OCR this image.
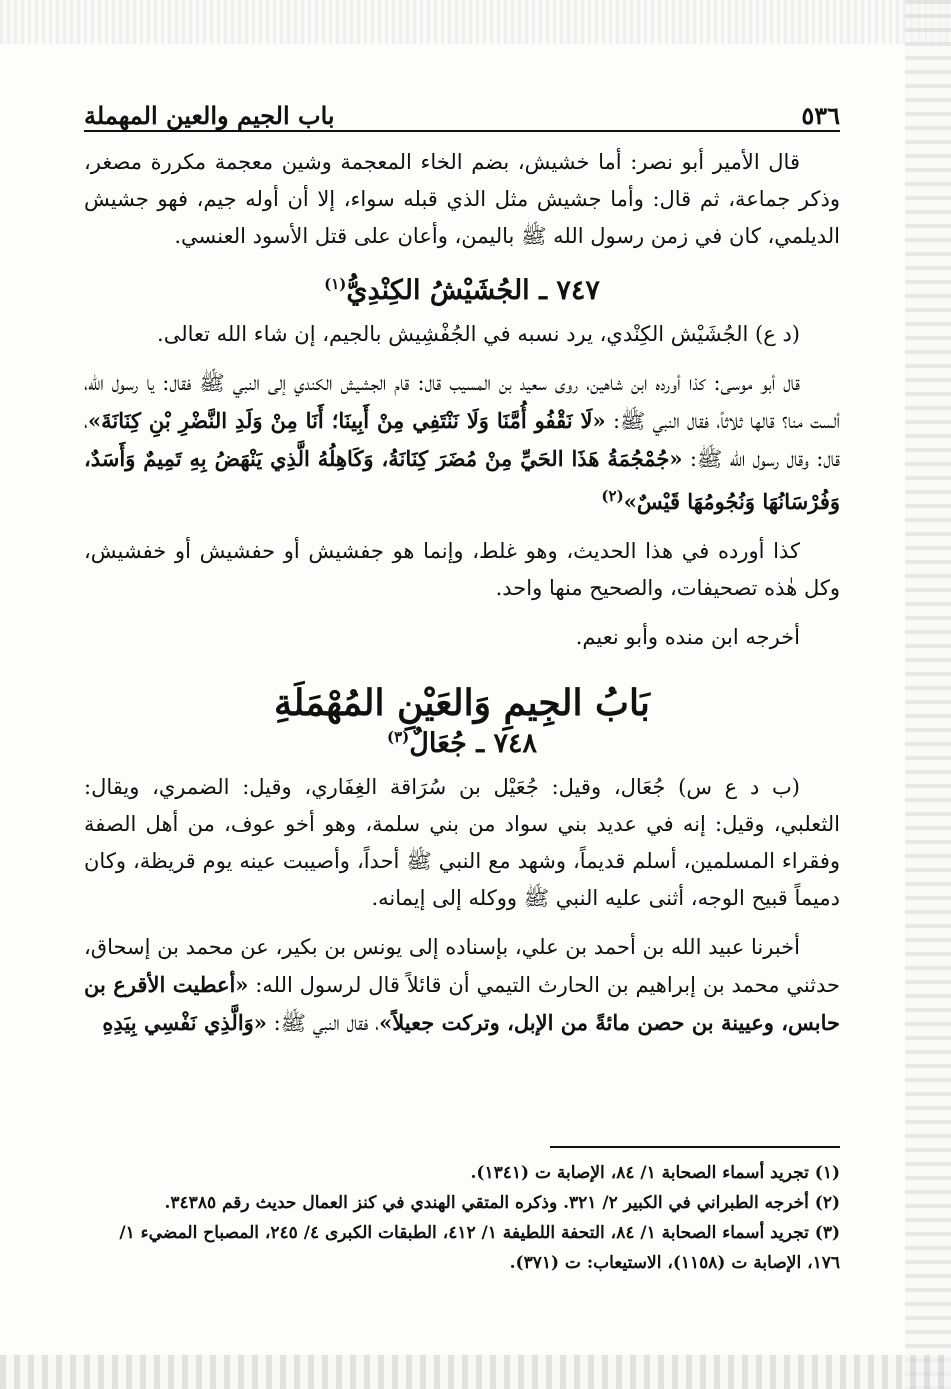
٥٣٦
باب الجيم والعين المهملة

قال الأمير أبو نصر: أما خشيش، بضم الخاء المعجمة وشين معجمة مكررة مصغر، وذكر جماعة، ثم قال: وأما جشيش مثل الذي قبله سواء، إلا أن أوله جيم، فهو جشيش الديلمي، كان في زمن رسول الله ﷺ باليمن، وأعان على قتل الأسود العنسي.

٧٤٧ ـ الجُشَيْشُ الكِنْدِيُّ$^{(١)}$

(د ع) الجُشَيْش الكِنْدي، يرد نسبه في الجُفْشِيش بالجيم، إن شاء الله تعالى.

قال أبو موسى: كذا أورده ابن شاهين، روى سعيد بن المسيب قال: قام الجشيش الكندي إلى النبي ﷺ فقال: يا رسول الله، ألست منا؟ قالها ثلاثاً، فقال النبي ﷺ: «لَا نَقْفُو أُمَّنَا وَلَا نَنْتَفِي مِنْ أَبِينَا؛ أَنَا مِنْ وَلَدِ النَّضْرِ بْنِ كِنَانَةَ»، قال: وقال رسول الله ﷺ: «جُمْجُمَةُ هَذَا الحَيِّ مِنْ مُضَرَ كِنَانَةُ، وَكَاهِلُهُ الَّذِي يَنْهَضُ بِهِ تَمِيمٌ وَأَسَدٌ، وَفُرْسَانُهَا وَنُجُومُهَا قَيْسٌ»$^{(٢)}$

كذا أورده في هذا الحديث، وهو غلط، وإنما هو جفشيش أو حفشيش أو خفشيش، وكل هٰذه تصحيفات، والصحيح منها واحد.

أخرجه ابن منده وأبو نعيم.

بَابُ الجِيمِ وَالعَيْنِ المُهْمَلَةِ
٧٤٨ ـ جُعَالٌ$^{(٣)}$

(ب د ع س) جُعَال، وقيل: جُعَيْل بن سُرَاقة الغِفَاري، وقيل: الضمري، ويقال: الثعلبي، وقيل: إنه في عديد بني سواد من بني سلمة، وهو أخو عوف، من أهل الصفة وفقراء المسلمين، أسلم قديماً، وشهد مع النبي ﷺ أحداً، وأصيبت عينه يوم قريظة، وكان دميماً قبيح الوجه، أثنى عليه النبي ﷺ ووكله إلى إيمانه.

أخبرنا عبيد الله بن أحمد بن علي، بإسناده إلى يونس بن بكير، عن محمد بن إسحاق، حدثني محمد بن إبراهيم بن الحارث التيمي أن قائلاً قال لرسول الله: «أعطيت الأقرع بن حابس، وعيينة بن حصن مائةً من الإبل، وتركت جعيلاً»، فقال النبي ﷺ: «وَالَّذِي نَفْسِي بِيَدِهِ

(١) تجريد أسماء الصحابة ١/ ٨٤، الإصابة ت (١٣٤١).

(٢) أخرجه الطبراني في الكبير ٢/ ٣٢١. وذكره المتقي الهندي في كنز العمال حديث رقم ٣٤٣٨٥.

(٣) تجريد أسماء الصحابة ١/ ٨٤، التحفة اللطيفة ١/ ٤١٢، الطبقات الكبرى ٤/ ٢٤٥، المصباح المضيء ١/ ١٧٦، الإصابة ت (١١٥٨)، الاستيعاب: ت (٣٧١).
